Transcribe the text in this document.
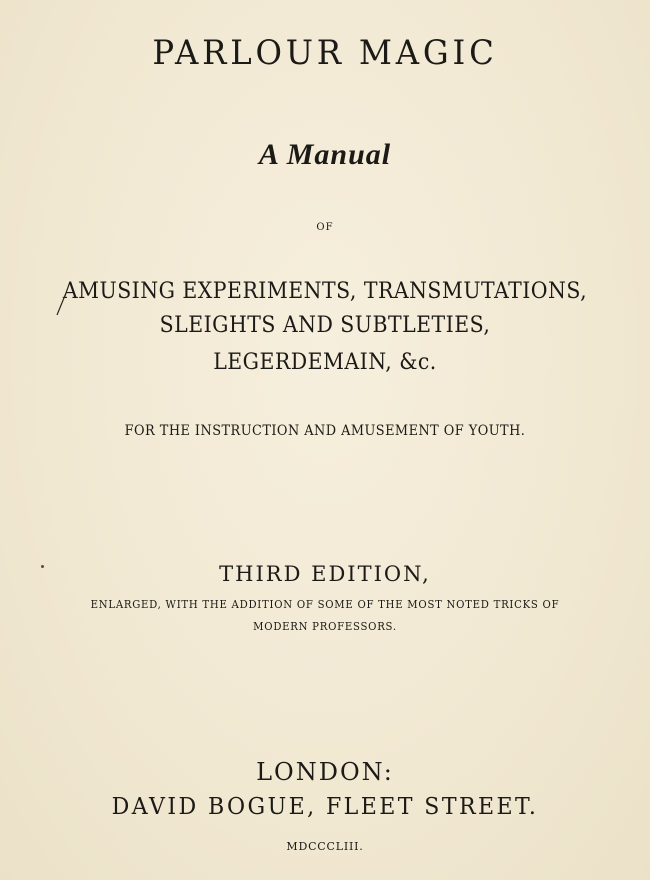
PARLOUR MAGIC
A Manual
OF
AMUSING EXPERIMENTS, TRANSMUTATIONS,
SLEIGHTS AND SUBTLETIES,
LEGERDEMAIN, &c.
FOR THE INSTRUCTION AND AMUSEMENT OF YOUTH.
THIRD EDITION,
ENLARGED, WITH THE ADDITION OF SOME OF THE MOST NOTED TRICKS OF
MODERN PROFESSORS.
LONDON:
DAVID BOGUE, FLEET STREET.
MDCCCLIII.
